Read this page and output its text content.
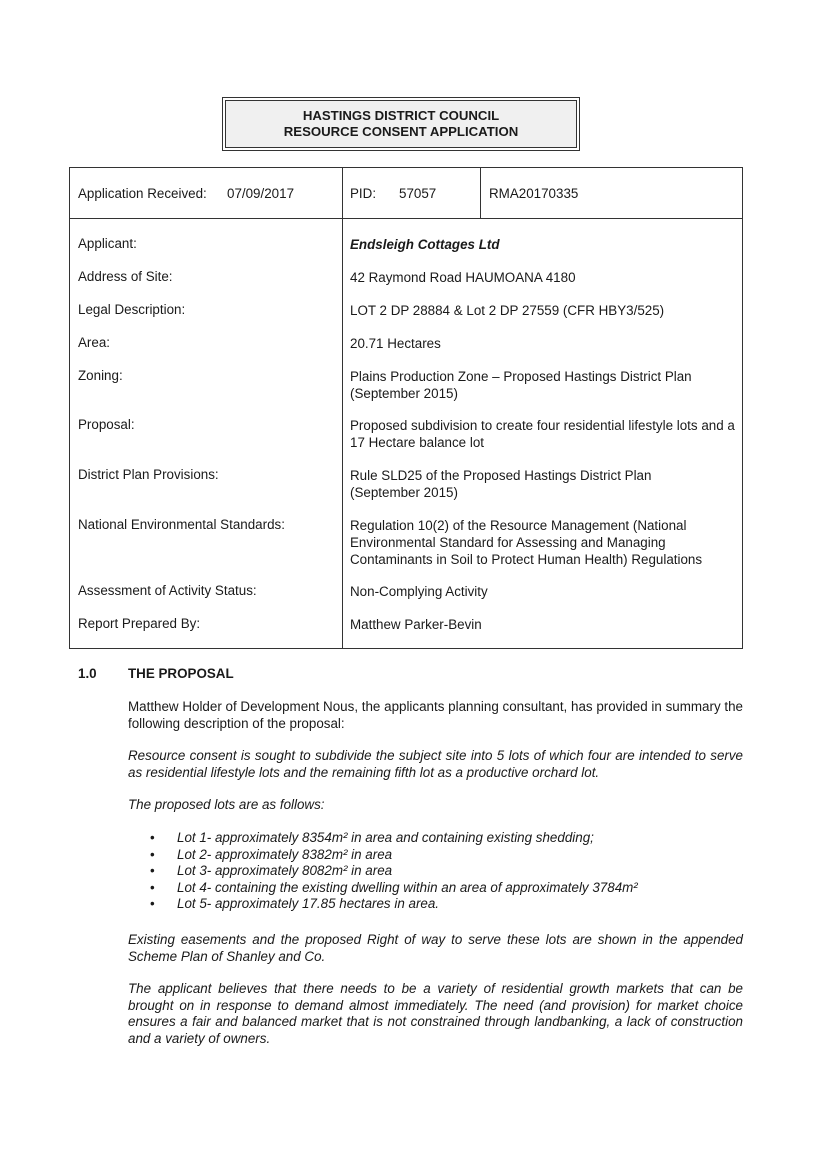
HASTINGS DISTRICT COUNCIL
RESOURCE CONSENT APPLICATION
Application Received: 07/09/2017	PID: 57057	RMA20170335
Applicant:	Endsleigh Cottages Ltd
Address of Site:	42 Raymond Road HAUMOANA 4180
Legal Description:	LOT 2 DP 28884 & Lot 2 DP 27559 (CFR HBY3/525)
Area:	20.71 Hectares
Zoning:	Plains Production Zone – Proposed Hastings District Plan (September 2015)
Proposal:	Proposed subdivision to create four residential lifestyle lots and a 17 Hectare balance lot
District Plan Provisions:	Rule SLD25 of the Proposed Hastings District Plan (September 2015)
National Environmental Standards:	Regulation 10(2) of the Resource Management (National Environmental Standard for Assessing and Managing Contaminants in Soil to Protect Human Health) Regulations
Assessment of Activity Status:	Non-Complying Activity
Report Prepared By:	Matthew Parker-Bevin
1.0 THE PROPOSAL
Matthew Holder of Development Nous, the applicants planning consultant, has provided in summary the following description of the proposal:
Resource consent is sought to subdivide the subject site into 5 lots of which four are intended to serve as residential lifestyle lots and the remaining fifth lot as a productive orchard lot.
The proposed lots are as follows:
• Lot 1- approximately 8354m² in area and containing existing shedding;
• Lot 2- approximately 8382m² in area
• Lot 3- approximately 8082m² in area
• Lot 4- containing the existing dwelling within an area of approximately 3784m²
• Lot 5- approximately 17.85 hectares in area.
Existing easements and the proposed Right of way to serve these lots are shown in the appended Scheme Plan of Shanley and Co.
The applicant believes that there needs to be a variety of residential growth markets that can be brought on in response to demand almost immediately. The need (and provision) for market choice ensures a fair and balanced market that is not constrained through landbanking, a lack of construction and a variety of owners.
